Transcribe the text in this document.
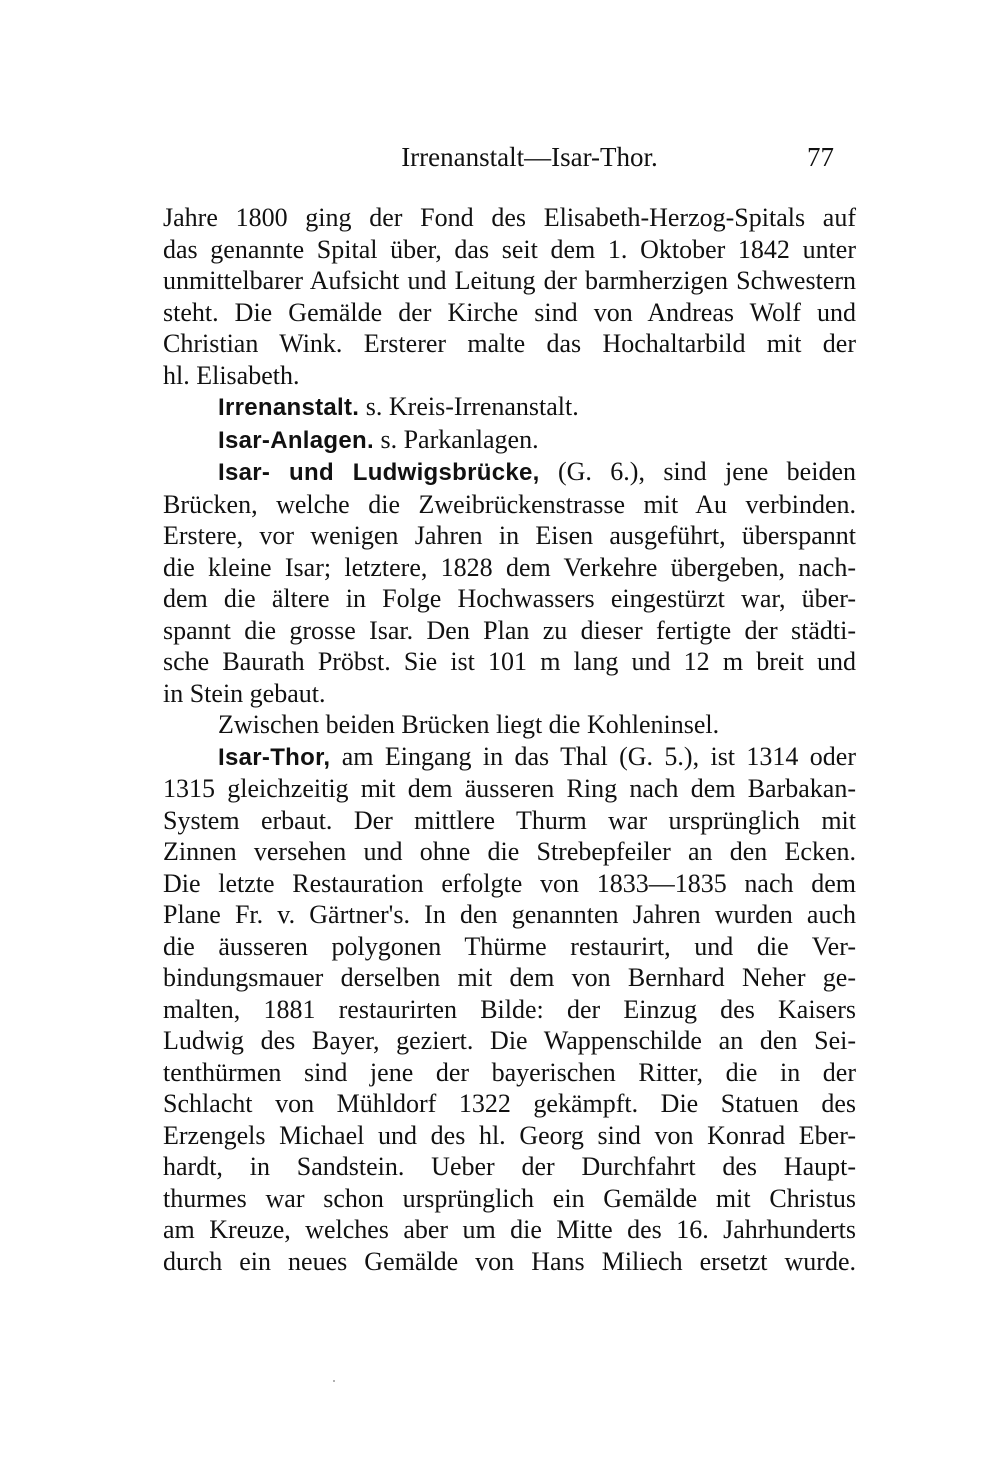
Irrenanstalt—Isar-Thor.	77
Jahre 1800 ging der Fond des Elisabeth-Herzog-Spitals auf
das genannte Spital über, das seit dem 1. Oktober 1842 unter
unmittelbarer Aufsicht und Leitung der barmherzigen Schwestern
steht. Die Gemälde der Kirche sind von Andreas Wolf und
Christian Wink. Ersterer malte das Hochaltarbild mit der
hl. Elisabeth.
Irrenanstalt. s. Kreis-Irrenanstalt.
Isar-Anlagen. s. Parkanlagen.
Isar- und Ludwigsbrücke, (G. 6.), sind jene beiden
Brücken, welche die Zweibrückenstrasse mit Au verbinden.
Erstere, vor wenigen Jahren in Eisen ausgeführt, überspannt
die kleine Isar; letztere, 1828 dem Verkehre übergeben, nach-
dem die ältere in Folge Hochwassers eingestürzt war, über-
spannt die grosse Isar. Den Plan zu dieser fertigte der städti-
sche Baurath Pröbst. Sie ist 101 m lang und 12 m breit und
in Stein gebaut.
Zwischen beiden Brücken liegt die Kohleninsel.
Isar-Thor, am Eingang in das Thal (G. 5.), ist 1314 oder
1315 gleichzeitig mit dem äusseren Ring nach dem Barbakan-
System erbaut. Der mittlere Thurm war ursprünglich mit
Zinnen versehen und ohne die Strebepfeiler an den Ecken.
Die letzte Restauration erfolgte von 1833—1835 nach dem
Plane Fr. v. Gärtner's. In den genannten Jahren wurden auch
die äusseren polygonen Thürme restaurirt, und die Ver-
bindungsmauer derselben mit dem von Bernhard Neher ge-
malten, 1881 restaurirten Bilde: der Einzug des Kaisers
Ludwig des Bayer, geziert. Die Wappenschilde an den Sei-
tenthürmen sind jene der bayerischen Ritter, die in der
Schlacht von Mühldorf 1322 gekämpft. Die Statuen des
Erzengels Michael und des hl. Georg sind von Konrad Eber-
hardt, in Sandstein. Ueber der Durchfahrt des Haupt-
thurmes war schon ursprünglich ein Gemälde mit Christus
am Kreuze, welches aber um die Mitte des 16. Jahrhunderts
durch ein neues Gemälde von Hans Miliech ersetzt wurde.
